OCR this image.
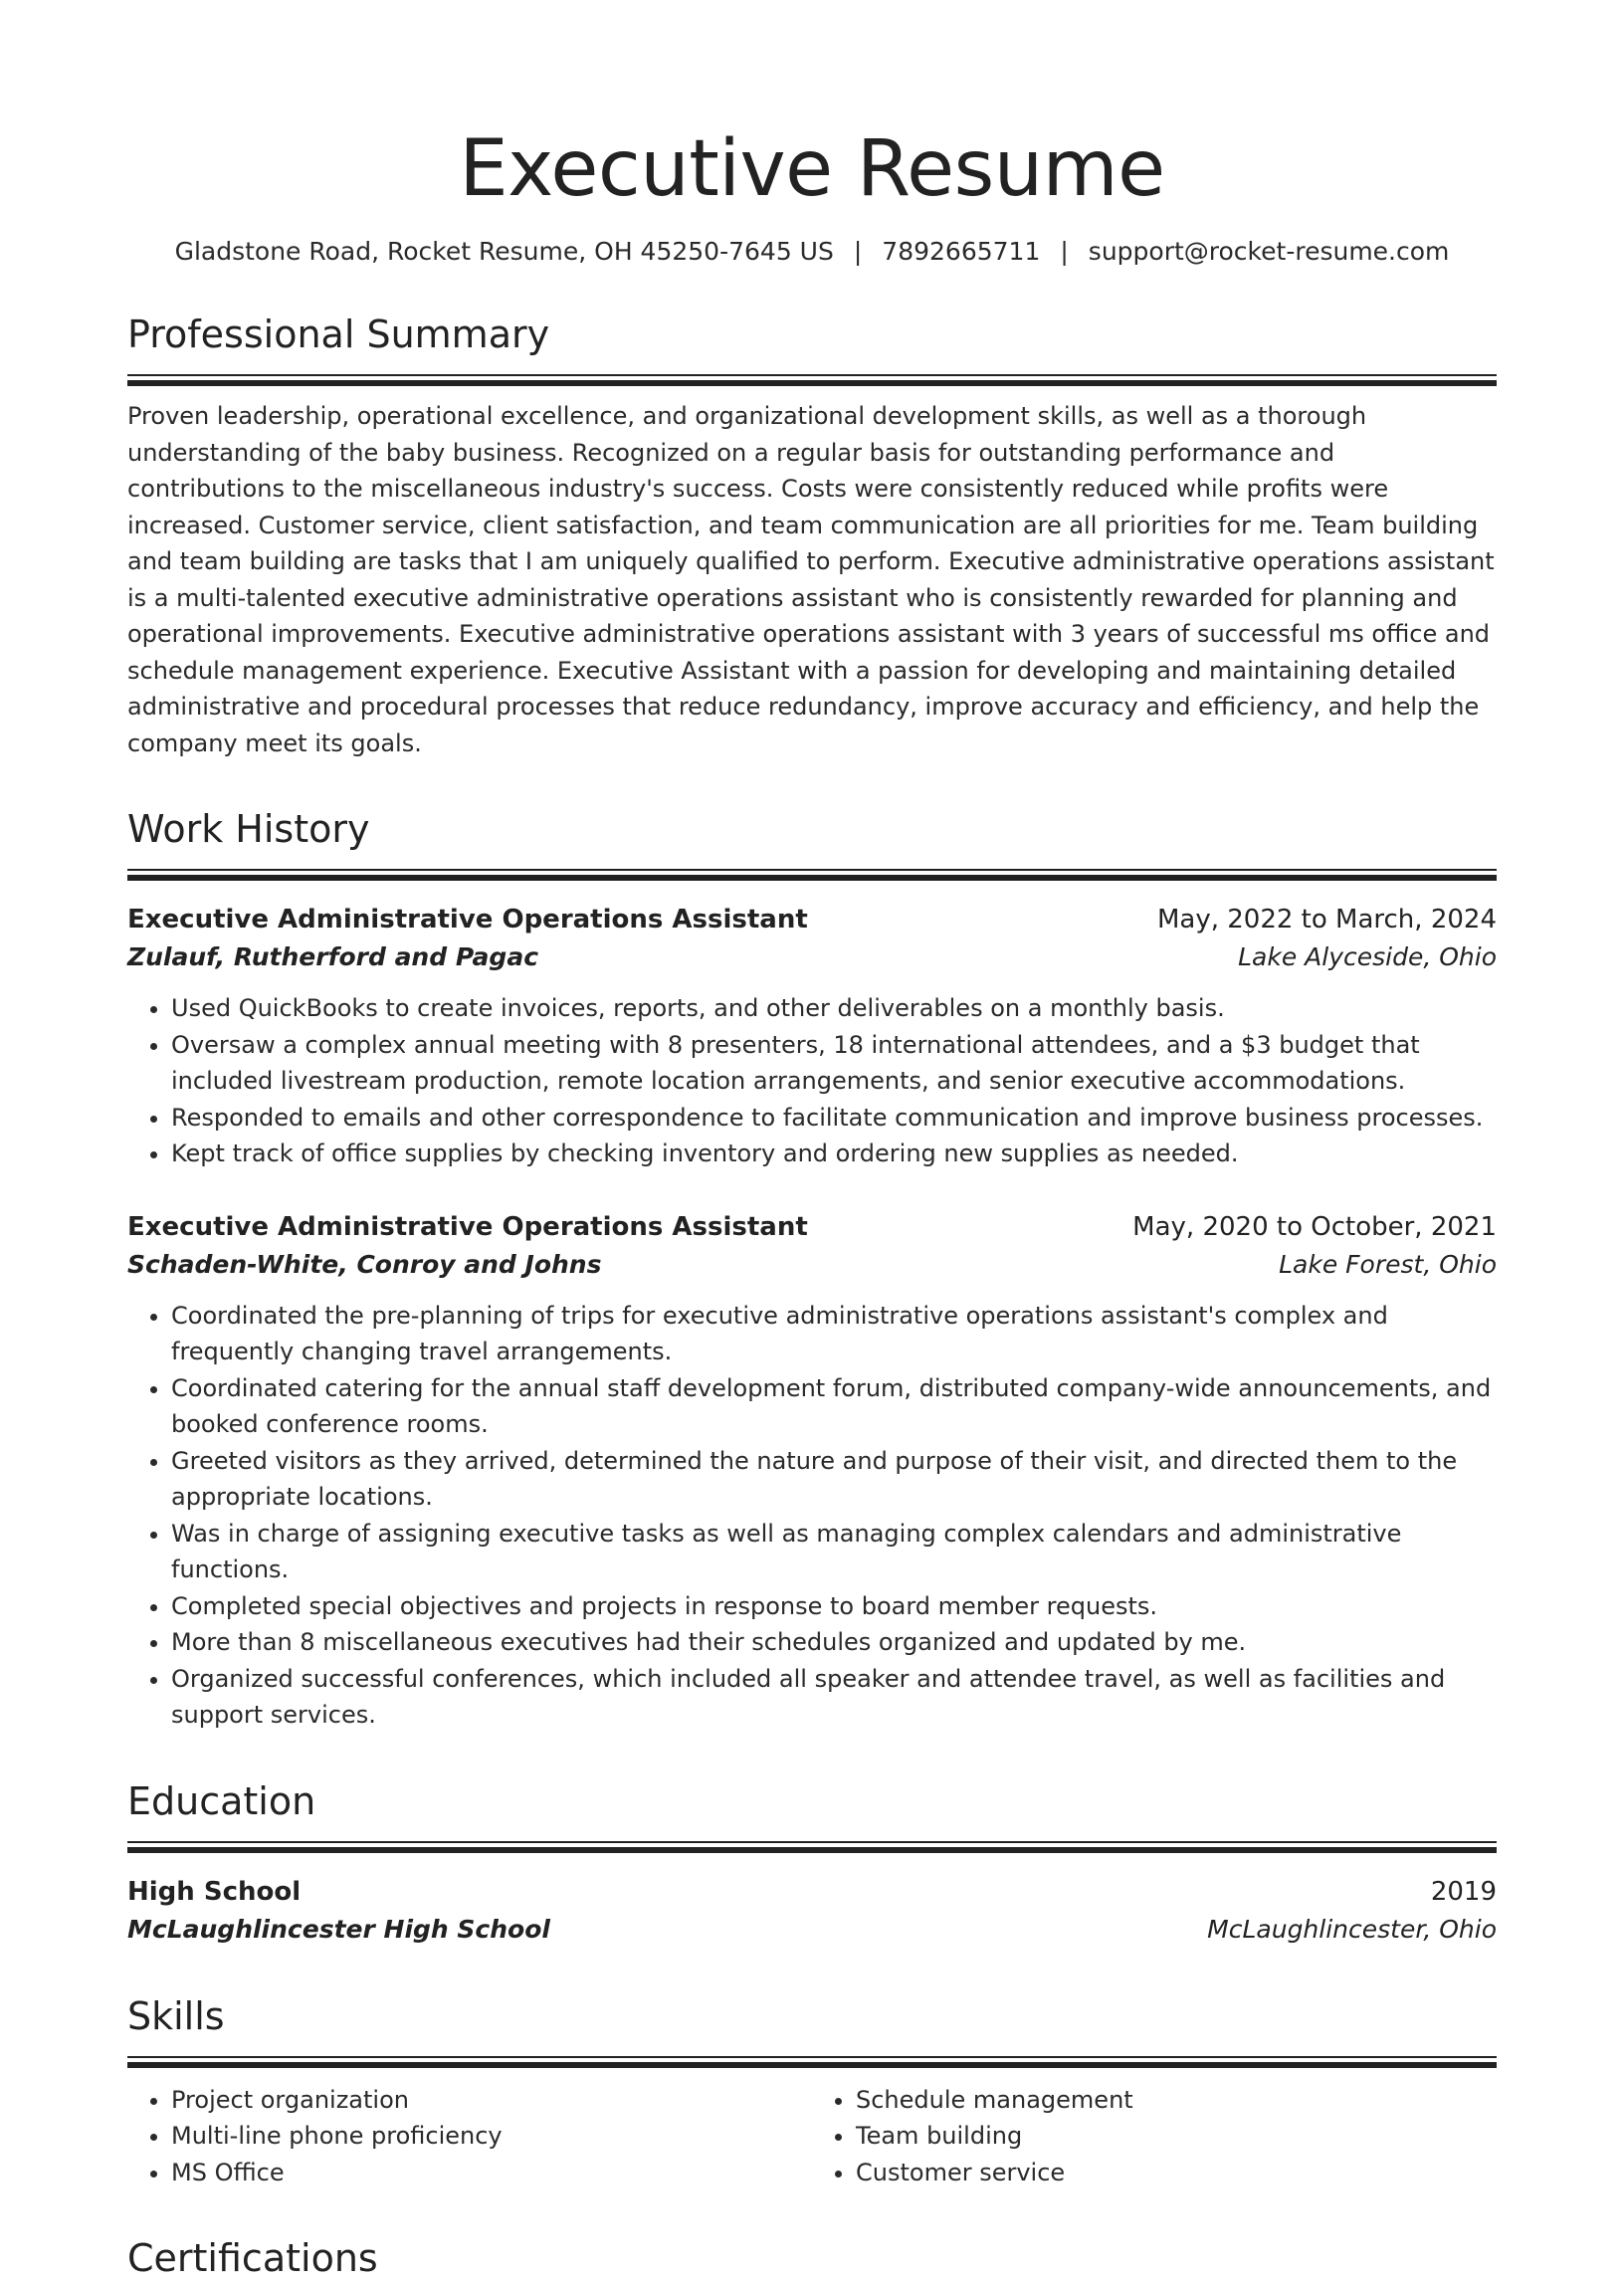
Executive Resume
Gladstone Road, Rocket Resume, OH 45250-7645 US | 7892665711 | support@rocket-resume.com
Professional Summary
Proven leadership, operational excellence, and organizational development skills, as well as a thorough understanding of the baby business. Recognized on a regular basis for outstanding performance and contributions to the miscellaneous industry's success. Costs were consistently reduced while profits were increased. Customer service, client satisfaction, and team communication are all priorities for me. Team building and team building are tasks that I am uniquely qualified to perform. Executive administrative operations assistant is a multi-talented executive administrative operations assistant who is consistently rewarded for planning and operational improvements. Executive administrative operations assistant with 3 years of successful ms office and schedule management experience. Executive Assistant with a passion for developing and maintaining detailed administrative and procedural processes that reduce redundancy, improve accuracy and efficiency, and help the company meet its goals.
Work History
Executive Administrative Operations Assistant	May, 2022 to March, 2024
Zulauf, Rutherford and Pagac	Lake Alyceside, Ohio
• Used QuickBooks to create invoices, reports, and other deliverables on a monthly basis.
• Oversaw a complex annual meeting with 8 presenters, 18 international attendees, and a $3 budget that included livestream production, remote location arrangements, and senior executive accommodations.
• Responded to emails and other correspondence to facilitate communication and improve business processes.
• Kept track of office supplies by checking inventory and ordering new supplies as needed.
Executive Administrative Operations Assistant	May, 2020 to October, 2021
Schaden-White, Conroy and Johns	Lake Forest, Ohio
• Coordinated the pre-planning of trips for executive administrative operations assistant's complex and frequently changing travel arrangements.
• Coordinated catering for the annual staff development forum, distributed company-wide announcements, and booked conference rooms.
• Greeted visitors as they arrived, determined the nature and purpose of their visit, and directed them to the appropriate locations.
• Was in charge of assigning executive tasks as well as managing complex calendars and administrative functions.
• Completed special objectives and projects in response to board member requests.
• More than 8 miscellaneous executives had their schedules organized and updated by me.
• Organized successful conferences, which included all speaker and attendee travel, as well as facilities and support services.
Education
High School	2019
McLaughlincester High School	McLaughlincester, Ohio
Skills
• Project organization
• Multi-line phone proficiency
• MS Office
• Schedule management
• Team building
• Customer service
Certifications
